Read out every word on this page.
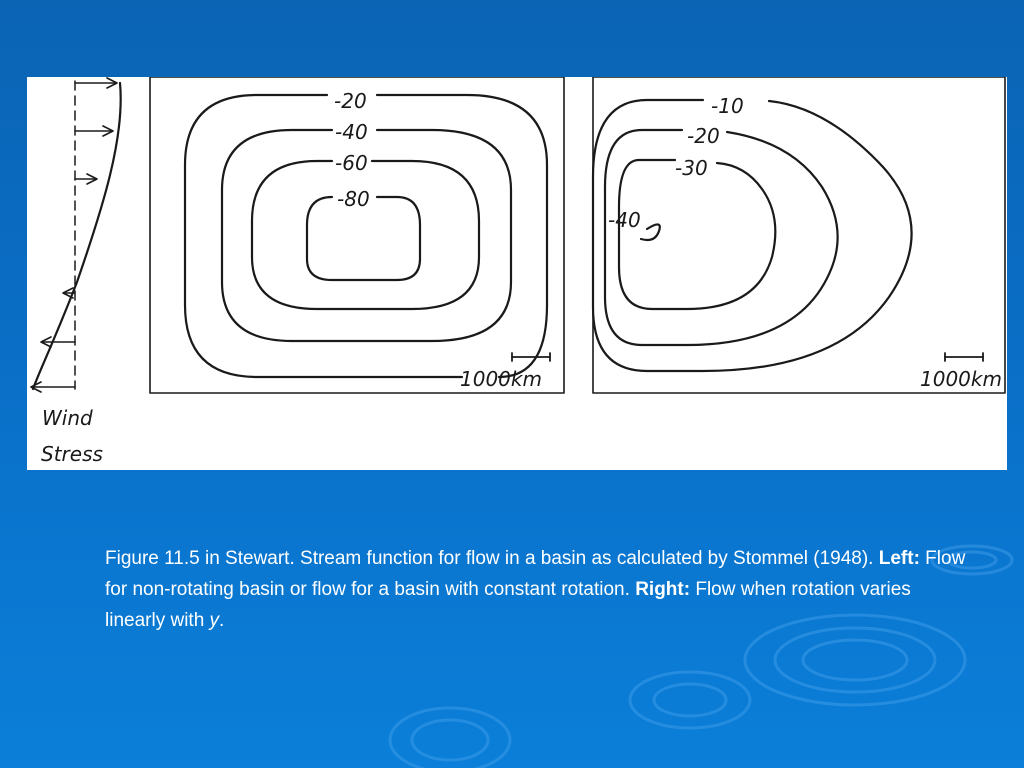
Wind
Stress
-20
-40
-60
-80
1000km
-10
-20
-30
-40
1000km
Figure 11.5 in Stewart. Stream function for flow in a basin as calculated by Stommel (1948). Left: Flow for non-rotating basin or flow for a basin with constant rotation. Right: Flow when rotation varies linearly with y.
